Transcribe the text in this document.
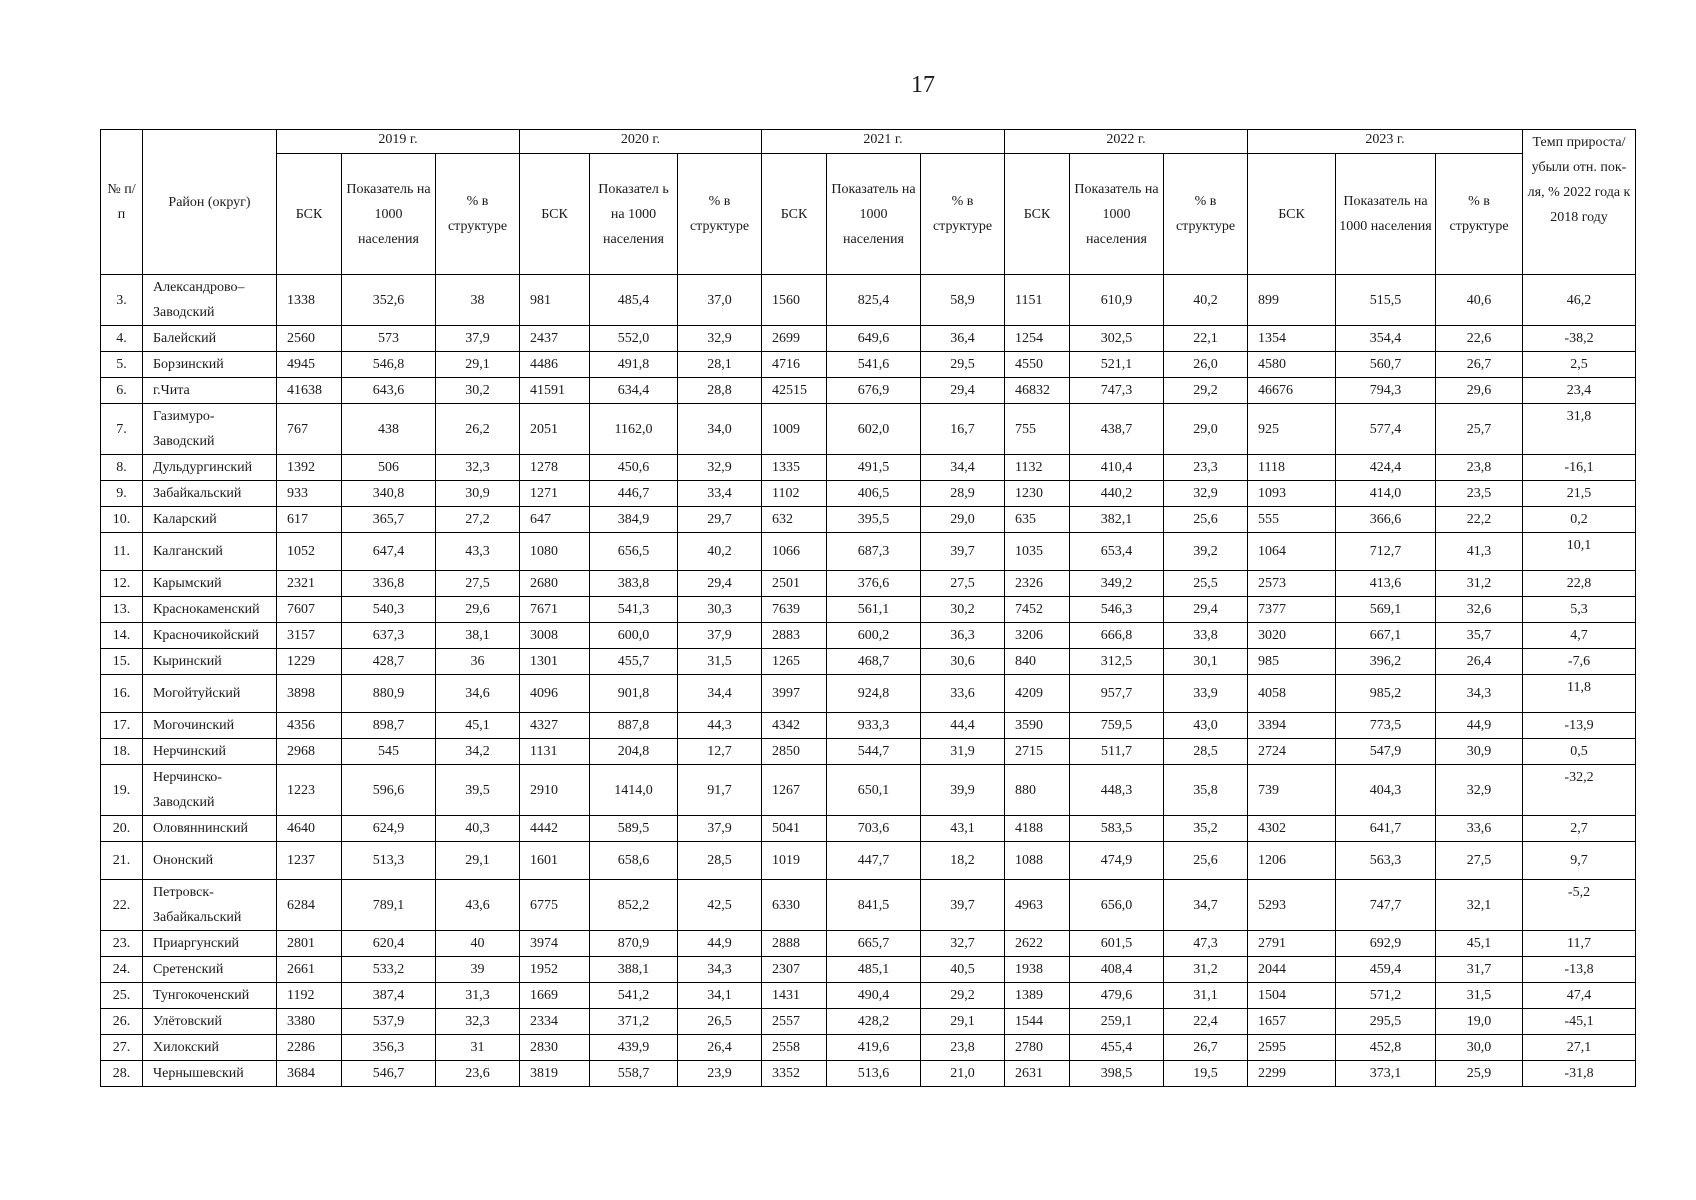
17
№ п/п	Район (округ)	2019 г.			2020 г.			2021 г.			2022 г.			2023 г.			Темп прироста/ убыли отн. пок-ля, % 2022 года к 2018 году
		БСК	Показатель на 1000 населения	% в структуре	БСК	Показател ь на 1000 населения	% в структуре	БСК	Показатель на 1000 населения	% в структуре	БСК	Показатель на 1000 населения	% в структуре	БСК	Показатель на 1000 населения	% в структуре	
3.	Александрово–Заводский	1338	352,6	38	981	485,4	37,0	1560	825,4	58,9	1151	610,9	40,2	899	515,5	40,6	46,2
4.	Балейский	2560	573	37,9	2437	552,0	32,9	2699	649,6	36,4	1254	302,5	22,1	1354	354,4	22,6	-38,2
5.	Борзинский	4945	546,8	29,1	4486	491,8	28,1	4716	541,6	29,5	4550	521,1	26,0	4580	560,7	26,7	2,5
6.	г.Чита	41638	643,6	30,2	41591	634,4	28,8	42515	676,9	29,4	46832	747,3	29,2	46676	794,3	29,6	23,4
7.	Газимуро-Заводский	767	438	26,2	2051	1162,0	34,0	1009	602,0	16,7	755	438,7	29,0	925	577,4	25,7	31,8
8.	Дульдургинский	1392	506	32,3	1278	450,6	32,9	1335	491,5	34,4	1132	410,4	23,3	1118	424,4	23,8	-16,1
9.	Забайкальский	933	340,8	30,9	1271	446,7	33,4	1102	406,5	28,9	1230	440,2	32,9	1093	414,0	23,5	21,5
10.	Каларский	617	365,7	27,2	647	384,9	29,7	632	395,5	29,0	635	382,1	25,6	555	366,6	22,2	0,2
11.	Калганский	1052	647,4	43,3	1080	656,5	40,2	1066	687,3	39,7	1035	653,4	39,2	1064	712,7	41,3	10,1
12.	Карымский	2321	336,8	27,5	2680	383,8	29,4	2501	376,6	27,5	2326	349,2	25,5	2573	413,6	31,2	22,8
13.	Краснокаменский	7607	540,3	29,6	7671	541,3	30,3	7639	561,1	30,2	7452	546,3	29,4	7377	569,1	32,6	5,3
14.	Красночикойский	3157	637,3	38,1	3008	600,0	37,9	2883	600,2	36,3	3206	666,8	33,8	3020	667,1	35,7	4,7
15.	Кыринский	1229	428,7	36	1301	455,7	31,5	1265	468,7	30,6	840	312,5	30,1	985	396,2	26,4	-7,6
16.	Могойтуйский	3898	880,9	34,6	4096	901,8	34,4	3997	924,8	33,6	4209	957,7	33,9	4058	985,2	34,3	11,8
17.	Могочинский	4356	898,7	45,1	4327	887,8	44,3	4342	933,3	44,4	3590	759,5	43,0	3394	773,5	44,9	-13,9
18.	Нерчинский	2968	545	34,2	1131	204,8	12,7	2850	544,7	31,9	2715	511,7	28,5	2724	547,9	30,9	0,5
19.	Нерчинско-Заводский	1223	596,6	39,5	2910	1414,0	91,7	1267	650,1	39,9	880	448,3	35,8	739	404,3	32,9	-32,2
20.	Оловяннинский	4640	624,9	40,3	4442	589,5	37,9	5041	703,6	43,1	4188	583,5	35,2	4302	641,7	33,6	2,7
21.	Ононский	1237	513,3	29,1	1601	658,6	28,5	1019	447,7	18,2	1088	474,9	25,6	1206	563,3	27,5	9,7
22.	Петровск-Забайкальский	6284	789,1	43,6	6775	852,2	42,5	6330	841,5	39,7	4963	656,0	34,7	5293	747,7	32,1	-5,2
23.	Приаргунский	2801	620,4	40	3974	870,9	44,9	2888	665,7	32,7	2622	601,5	47,3	2791	692,9	45,1	11,7
24.	Сретенский	2661	533,2	39	1952	388,1	34,3	2307	485,1	40,5	1938	408,4	31,2	2044	459,4	31,7	-13,8
25.	Тунгокоченский	1192	387,4	31,3	1669	541,2	34,1	1431	490,4	29,2	1389	479,6	31,1	1504	571,2	31,5	47,4
26.	Улётовский	3380	537,9	32,3	2334	371,2	26,5	2557	428,2	29,1	1544	259,1	22,4	1657	295,5	19,0	-45,1
27.	Хилокский	2286	356,3	31	2830	439,9	26,4	2558	419,6	23,8	2780	455,4	26,7	2595	452,8	30,0	27,1
28.	Чернышевский	3684	546,7	23,6	3819	558,7	23,9	3352	513,6	21,0	2631	398,5	19,5	2299	373,1	25,9	-31,8
